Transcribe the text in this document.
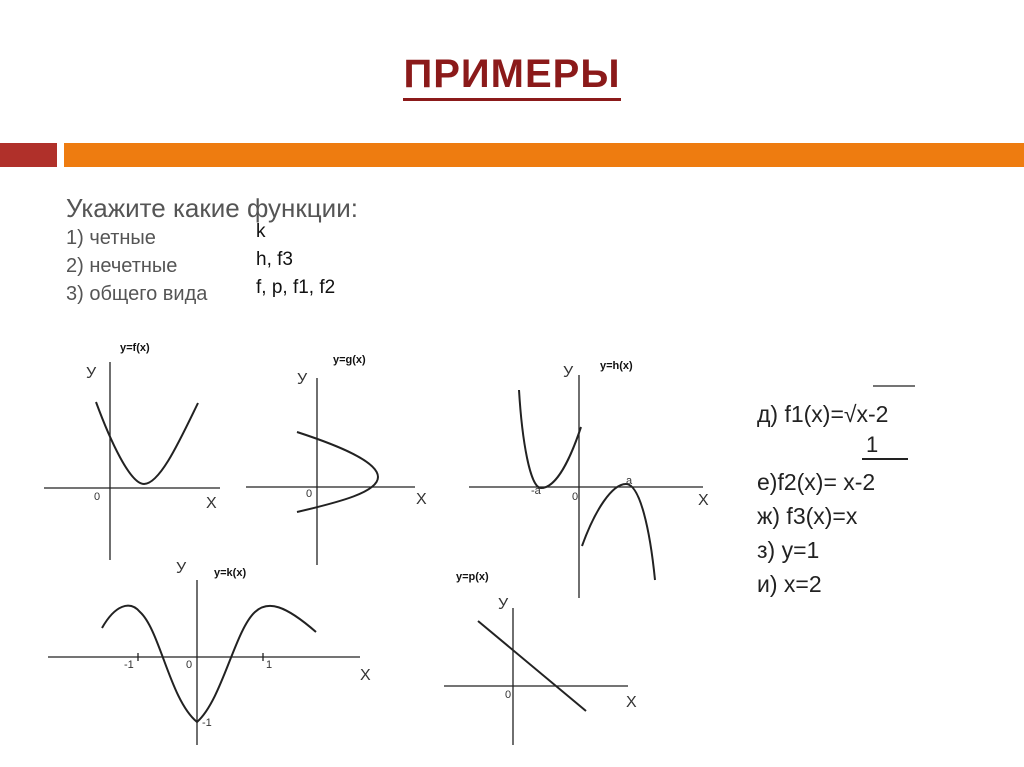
ПРИМЕРЫ
Укажите какие функции:
1) четные	k
2) нечетные	h, f3
3) общего вида	f, p, f1, f2
у=f(x)
У
Х
0
у=g(x)
У
Х
0
у=h(x)
У
Х
0
-a
a
у=k(x)
У
Х
0
-1	1
-1
у=p(x)
У
Х
0
1
д) f1(x)=√x-2
е)f2(x)= x-2
ж) f3(x)=x
з) у=1
и) х=2
